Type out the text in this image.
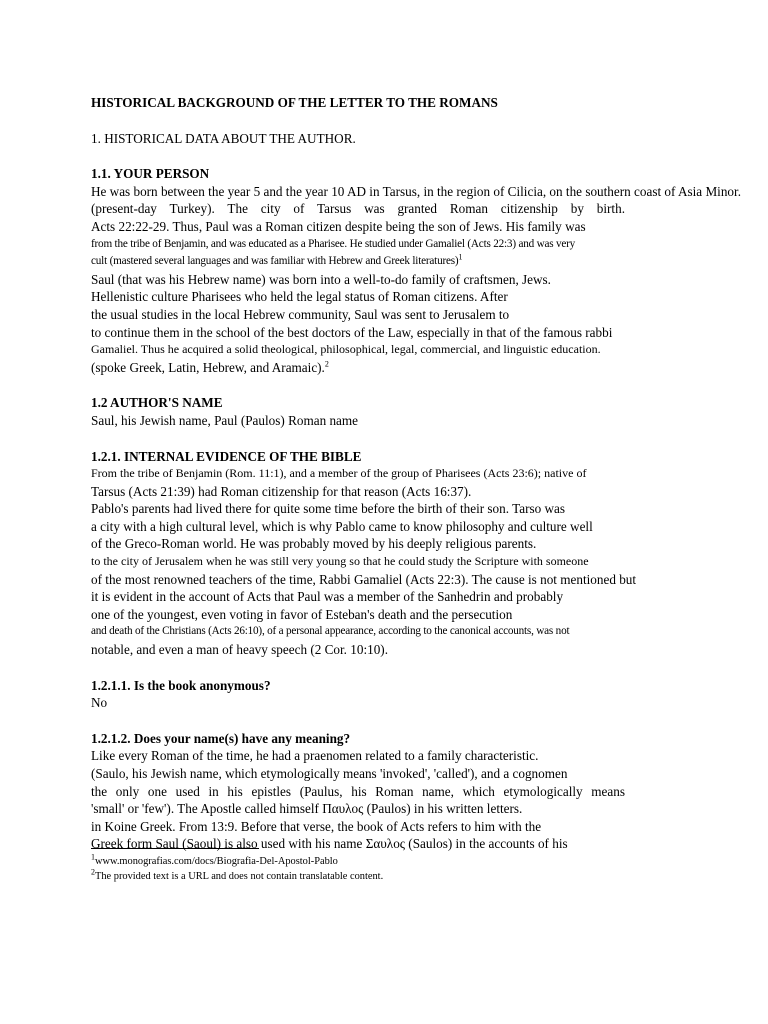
HISTORICAL BACKGROUND OF THE LETTER TO THE ROMANS
1. HISTORICAL DATA ABOUT THE AUTHOR.
1.1. YOUR PERSON
He was born between the year 5 and the year 10 AD in Tarsus, in the region of Cilicia, on the southern coast of Asia Minor.
(present-day Turkey). The city of Tarsus was granted Roman citizenship by birth.
Acts 22:22-29. Thus, Paul was a Roman citizen despite being the son of Jews. His family was
from the tribe of Benjamin, and was educated as a Pharisee. He studied under Gamaliel (Acts 22:3) and was very
cult (mastered several languages and was familiar with Hebrew and Greek literatures)$^1$
Saul (that was his Hebrew name) was born into a well-to-do family of craftsmen, Jews.
Hellenistic culture Pharisees who held the legal status of Roman citizens. After
the usual studies in the local Hebrew community, Saul was sent to Jerusalem to
to continue them in the school of the best doctors of the Law, especially in that of the famous rabbi
Gamaliel. Thus he acquired a solid theological, philosophical, legal, commercial, and linguistic education.
(spoke Greek, Latin, Hebrew, and Aramaic).$^2$
1.2 AUTHOR'S NAME
Saul, his Jewish name, Paul (Paulos) Roman name
1.2.1. INTERNAL EVIDENCE OF THE BIBLE
From the tribe of Benjamin (Rom. 11:1), and a member of the group of Pharisees (Acts 23:6); native of
Tarsus (Acts 21:39) had Roman citizenship for that reason (Acts 16:37).
Pablo's parents had lived there for quite some time before the birth of their son. Tarso was
a city with a high cultural level, which is why Pablo came to know philosophy and culture well
of the Greco-Roman world. He was probably moved by his deeply religious parents.
to the city of Jerusalem when he was still very young so that he could study the Scripture with someone
of the most renowned teachers of the time, Rabbi Gamaliel (Acts 22:3). The cause is not mentioned but
it is evident in the account of Acts that Paul was a member of the Sanhedrin and probably
one of the youngest, even voting in favor of Esteban's death and the persecution
and death of the Christians (Acts 26:10), of a personal appearance, according to the canonical accounts, was not
notable, and even a man of heavy speech (2 Cor. 10:10).
1.2.1.1. Is the book anonymous?
No
1.2.1.2. Does your name(s) have any meaning?
Like every Roman of the time, he had a praenomen related to a family characteristic.
(Saulo, his Jewish name, which etymologically means 'invoked', 'called'), and a cognomen
the only one used in his epistles (Paulus, his Roman name, which etymologically means
'small' or 'few'). The Apostle called himself Παυλος (Paulos) in his written letters.
in Koine Greek. From 13:9. Before that verse, the book of Acts refers to him with the
Greek form Saul (Saoul) is also used with his name Σαυλος (Saulos) in the accounts of his
$^1$www.monografias.com/docs/Biografia-Del-Apostol-Pablo
$^2$The provided text is a URL and does not contain translatable content.
